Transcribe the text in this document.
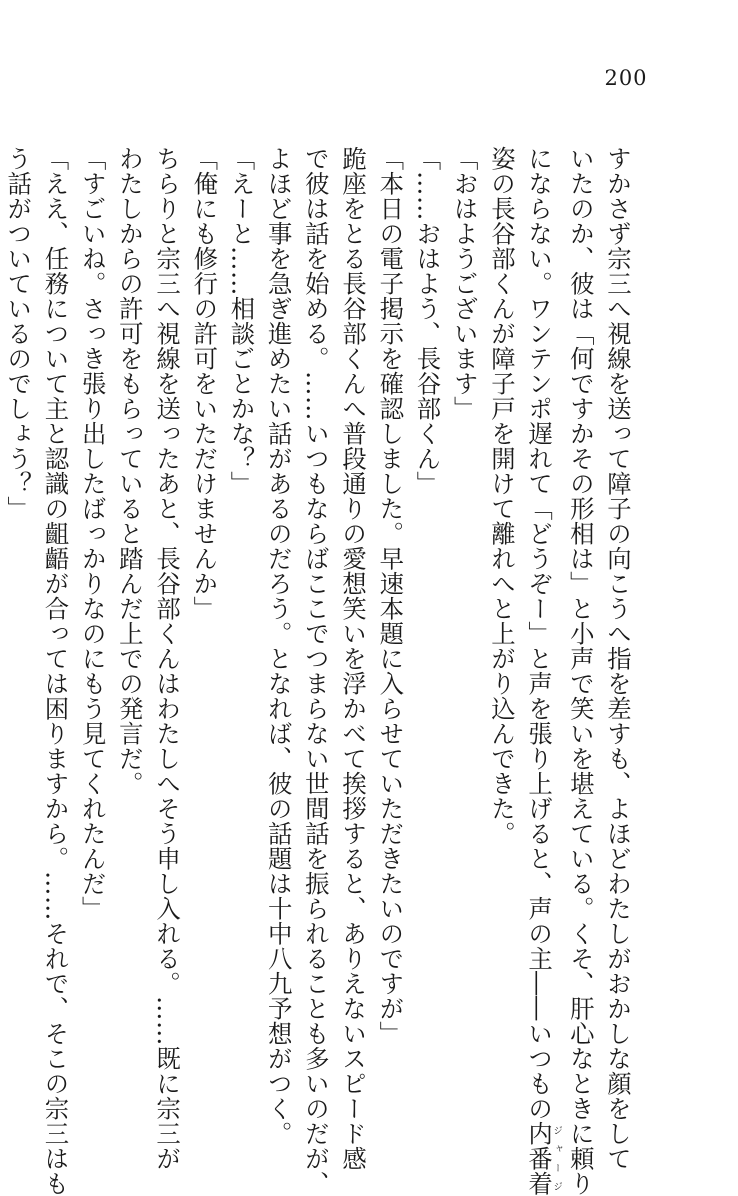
200
すかさず宗三へ視線を送って障子の向こうへ指を差すも、よほどわたしがおかしな顔をして
いたのか、彼は「何ですかその形相は」と小声で笑いを堪えている。くそ、肝心なときに頼り
にならない。ワンテンポ遅れて「どうぞー」と声を張り上げると、声の主――いつもの内番着ジャージ
姿の長谷部くんが障子戸を開けて離れへと上がり込んできた。
「おはようございます」
「……おはよう、長谷部くん」
「本日の電子掲示を確認しました。早速本題に入らせていただきたいのですが」
跪座をとる長谷部くんへ普段通りの愛想笑いを浮かべて挨拶すると、ありえないスピード感
で彼は話を始める。……いつもならばここでつまらない世間話を振られることも多いのだが、
よほど事を急ぎ進めたい話があるのだろう。となれば、彼の話題は十中八九予想がつく。
「えーと……相談ごとかな？」
「俺にも修行の許可をいただけませんか」
ちらりと宗三へ視線を送ったあと、長谷部くんはわたしへそう申し入れる。……既に宗三が
わたしからの許可をもらっていると踏んだ上での発言だ。
「すごいね。さっき張り出したばっかりなのにもう見てくれたんだ」
「ええ、任務について主と認識の齟齬が合っては困りますから。……それで、そこの宗三はも
う話がついているのでしょう？」
